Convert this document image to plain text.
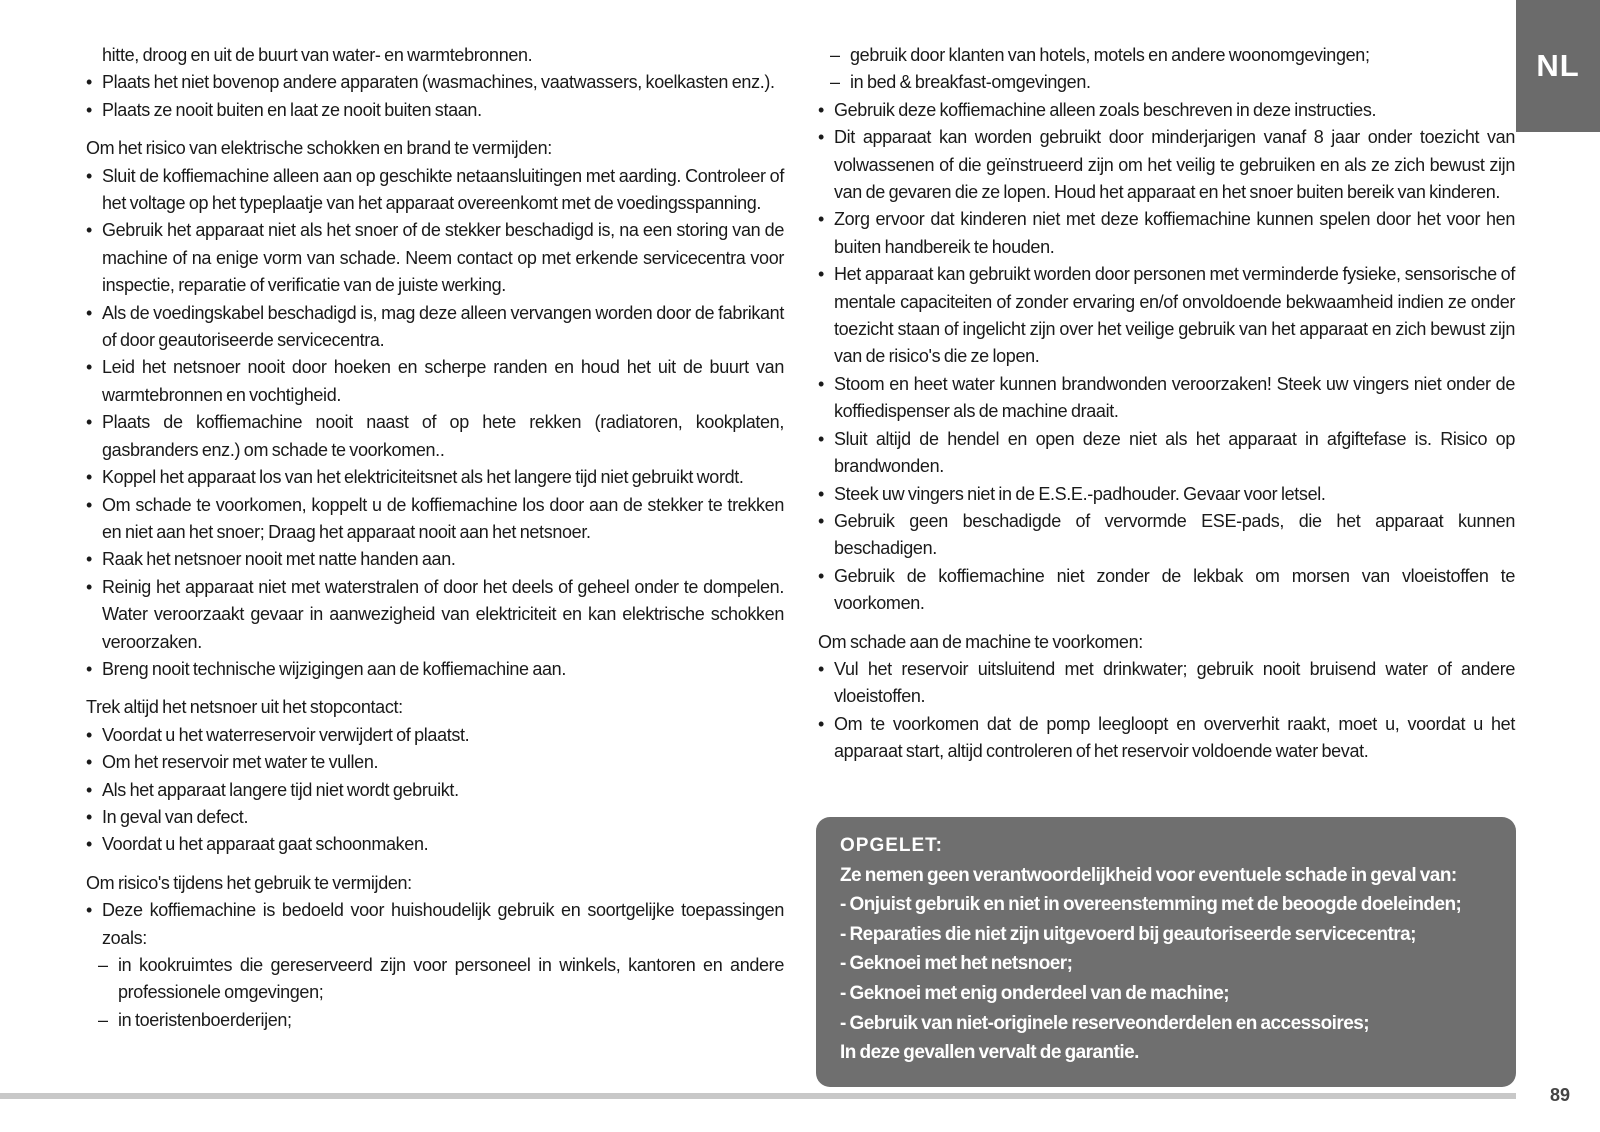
hitte, droog en uit de buurt van water- en warmtebronnen.
• Plaats het niet bovenop andere apparaten (wasmachines, vaatwassers, koelkasten enz.).
• Plaats ze nooit buiten en laat ze nooit buiten staan.
Om het risico van elektrische schokken en brand te vermijden:
• Sluit de koffiemachine alleen aan op geschikte netaansluitingen met aarding. Controleer of het voltage op het typeplaatje van het apparaat overeenkomt met de voedingsspanning.
• Gebruik het apparaat niet als het snoer of de stekker beschadigd is, na een storing van de machine of na enige vorm van schade. Neem contact op met erkende servicecentra voor inspectie, reparatie of verificatie van de juiste werking.
• Als de voedingskabel beschadigd is, mag deze alleen vervangen worden door de fabrikant of door geautoriseerde servicecentra.
• Leid het netsnoer nooit door hoeken en scherpe randen en houd het uit de buurt van warmtebronnen en vochtigheid.
• Plaats de koffiemachine nooit naast of op hete rekken (radiatoren, kookplaten, gasbranders enz.) om schade te voorkomen..
• Koppel het apparaat los van het elektriciteitsnet als het langere tijd niet gebruikt wordt.
• Om schade te voorkomen, koppelt u de koffiemachine los door aan de stekker te trekken en niet aan het snoer; Draag het apparaat nooit aan het netsnoer.
• Raak het netsnoer nooit met natte handen aan.
• Reinig het apparaat niet met waterstralen of door het deels of geheel onder te dompelen. Water veroorzaakt gevaar in aanwezigheid van elektriciteit en kan elektrische schokken veroorzaken.
• Breng nooit technische wijzigingen aan de koffiemachine aan.
Trek altijd het netsnoer uit het stopcontact:
• Voordat u het waterreservoir verwijdert of plaatst.
• Om het reservoir met water te vullen.
• Als het apparaat langere tijd niet wordt gebruikt.
• In geval van defect.
• Voordat u het apparaat gaat schoonmaken.
Om risico's tijdens het gebruik te vermijden:
• Deze koffiemachine is bedoeld voor huishoudelijk gebruik en soortgelijke toepassingen zoals:
– in kookruimtes die gereserveerd zijn voor personeel in winkels, kantoren en andere professionele omgevingen;
– in toeristenboerderijen;
– gebruik door klanten van hotels, motels en andere woonomgevingen;
– in bed & breakfast-omgevingen.
• Gebruik deze koffiemachine alleen zoals beschreven in deze instructies.
• Dit apparaat kan worden gebruikt door minderjarigen vanaf 8 jaar onder toezicht van volwassenen of die geïnstrueerd zijn om het veilig te gebruiken en als ze zich bewust zijn van de gevaren die ze lopen. Houd het apparaat en het snoer buiten bereik van kinderen.
• Zorg ervoor dat kinderen niet met deze koffiemachine kunnen spelen door het voor hen buiten handbereik te houden.
• Het apparaat kan gebruikt worden door personen met verminderde fysieke, sensorische of mentale capaciteiten of zonder ervaring en/of onvoldoende bekwaamheid indien ze onder toezicht staan of ingelicht zijn over het veilige gebruik van het apparaat en zich bewust zijn van de risico's die ze lopen.
• Stoom en heet water kunnen brandwonden veroorzaken! Steek uw vingers niet onder de koffiedispenser als de machine draait.
• Sluit altijd de hendel en open deze niet als het apparaat in afgiftefase is. Risico op brandwonden.
• Steek uw vingers niet in de E.S.E.-padhouder. Gevaar voor letsel.
• Gebruik geen beschadigde of vervormde ESE-pads, die het apparaat kunnen beschadigen.
• Gebruik de koffiemachine niet zonder de lekbak om morsen van vloeistoffen te voorkomen.
Om schade aan de machine te voorkomen:
• Vul het reservoir uitsluitend met drinkwater; gebruik nooit bruisend water of andere vloeistoffen.
• Om te voorkomen dat de pomp leegloopt en oververhit raakt, moet u, voordat u het apparaat start, altijd controleren of het reservoir voldoende water bevat.
OPGELET:
Ze nemen geen verantwoordelijkheid voor eventuele schade in geval van:
- Onjuist gebruik en niet in overeenstemming met de beoogde doeleinden;
- Reparaties die niet zijn uitgevoerd bij geautoriseerde servicecentra;
- Geknoei met het netsnoer;
- Geknoei met enig onderdeel van de machine;
- Gebruik van niet-originele reserveonderdelen en accessoires;
In deze gevallen vervalt de garantie.
NL
89
